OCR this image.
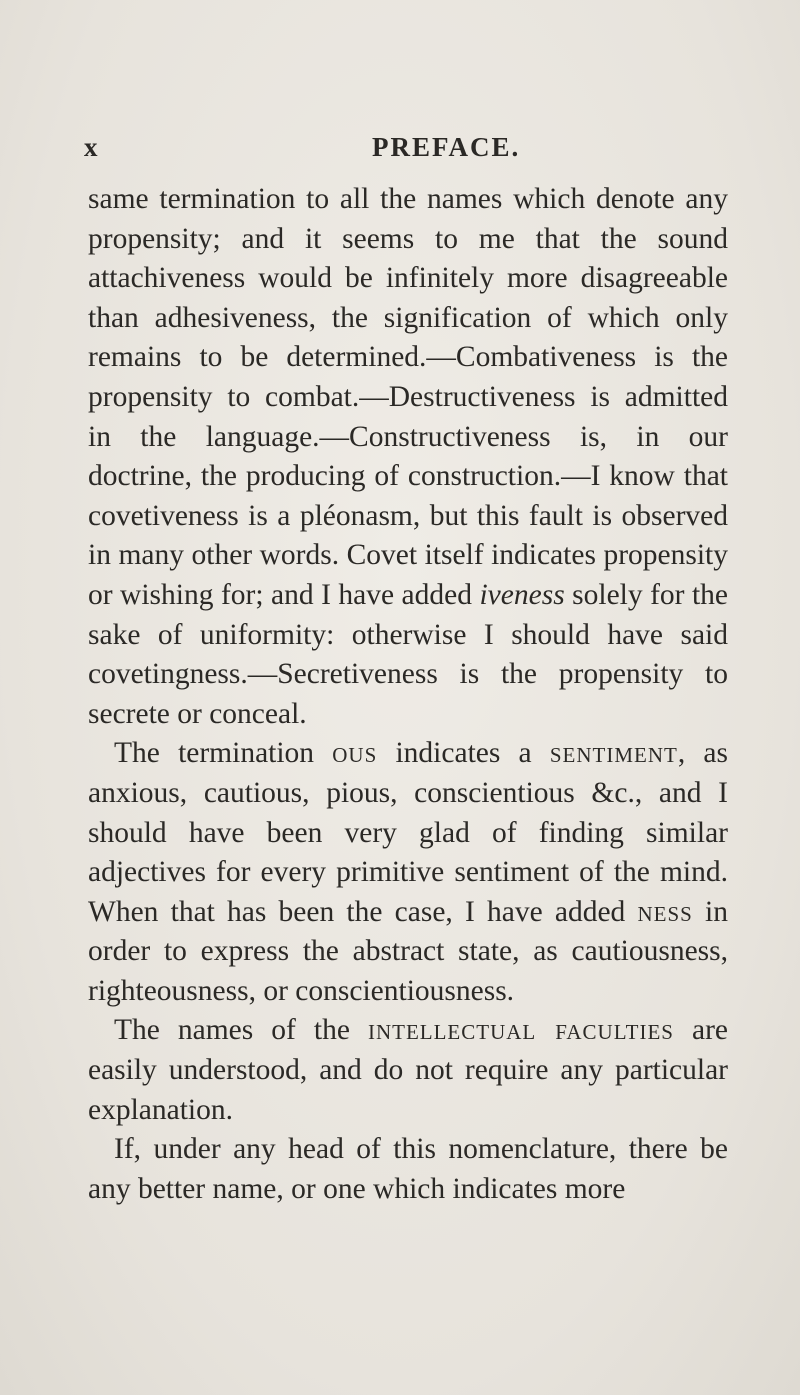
x	PREFACE.

same termination to all the names which denote any propensity; and it seems to me that the sound attachiveness would be infinitely more disagreeable than adhesiveness, the signification of which only remains to be determined.—Combativeness is the propensity to combat.—Destructiveness is admitted in the language.—Constructiveness is, in our doctrine, the producing of construction.—I know that covetiveness is a pléonasm, but this fault is observed in many other words. Covet itself indicates propensity or wishing for; and I have added iveness solely for the sake of uniformity: otherwise I should have said covetingness.—Secretiveness is the propensity to secrete or conceal.

The termination ous indicates a sentiment, as anxious, cautious, pious, conscientious &c., and I should have been very glad of finding similar adjectives for every primitive sentiment of the mind. When that has been the case, I have added ness in order to express the abstract state, as cautiousness, righteousness, or conscientiousness.

The names of the intellectual faculties are easily understood, and do not require any particular explanation.

If, under any head of this nomenclature, there be any better name, or one which indicates more
